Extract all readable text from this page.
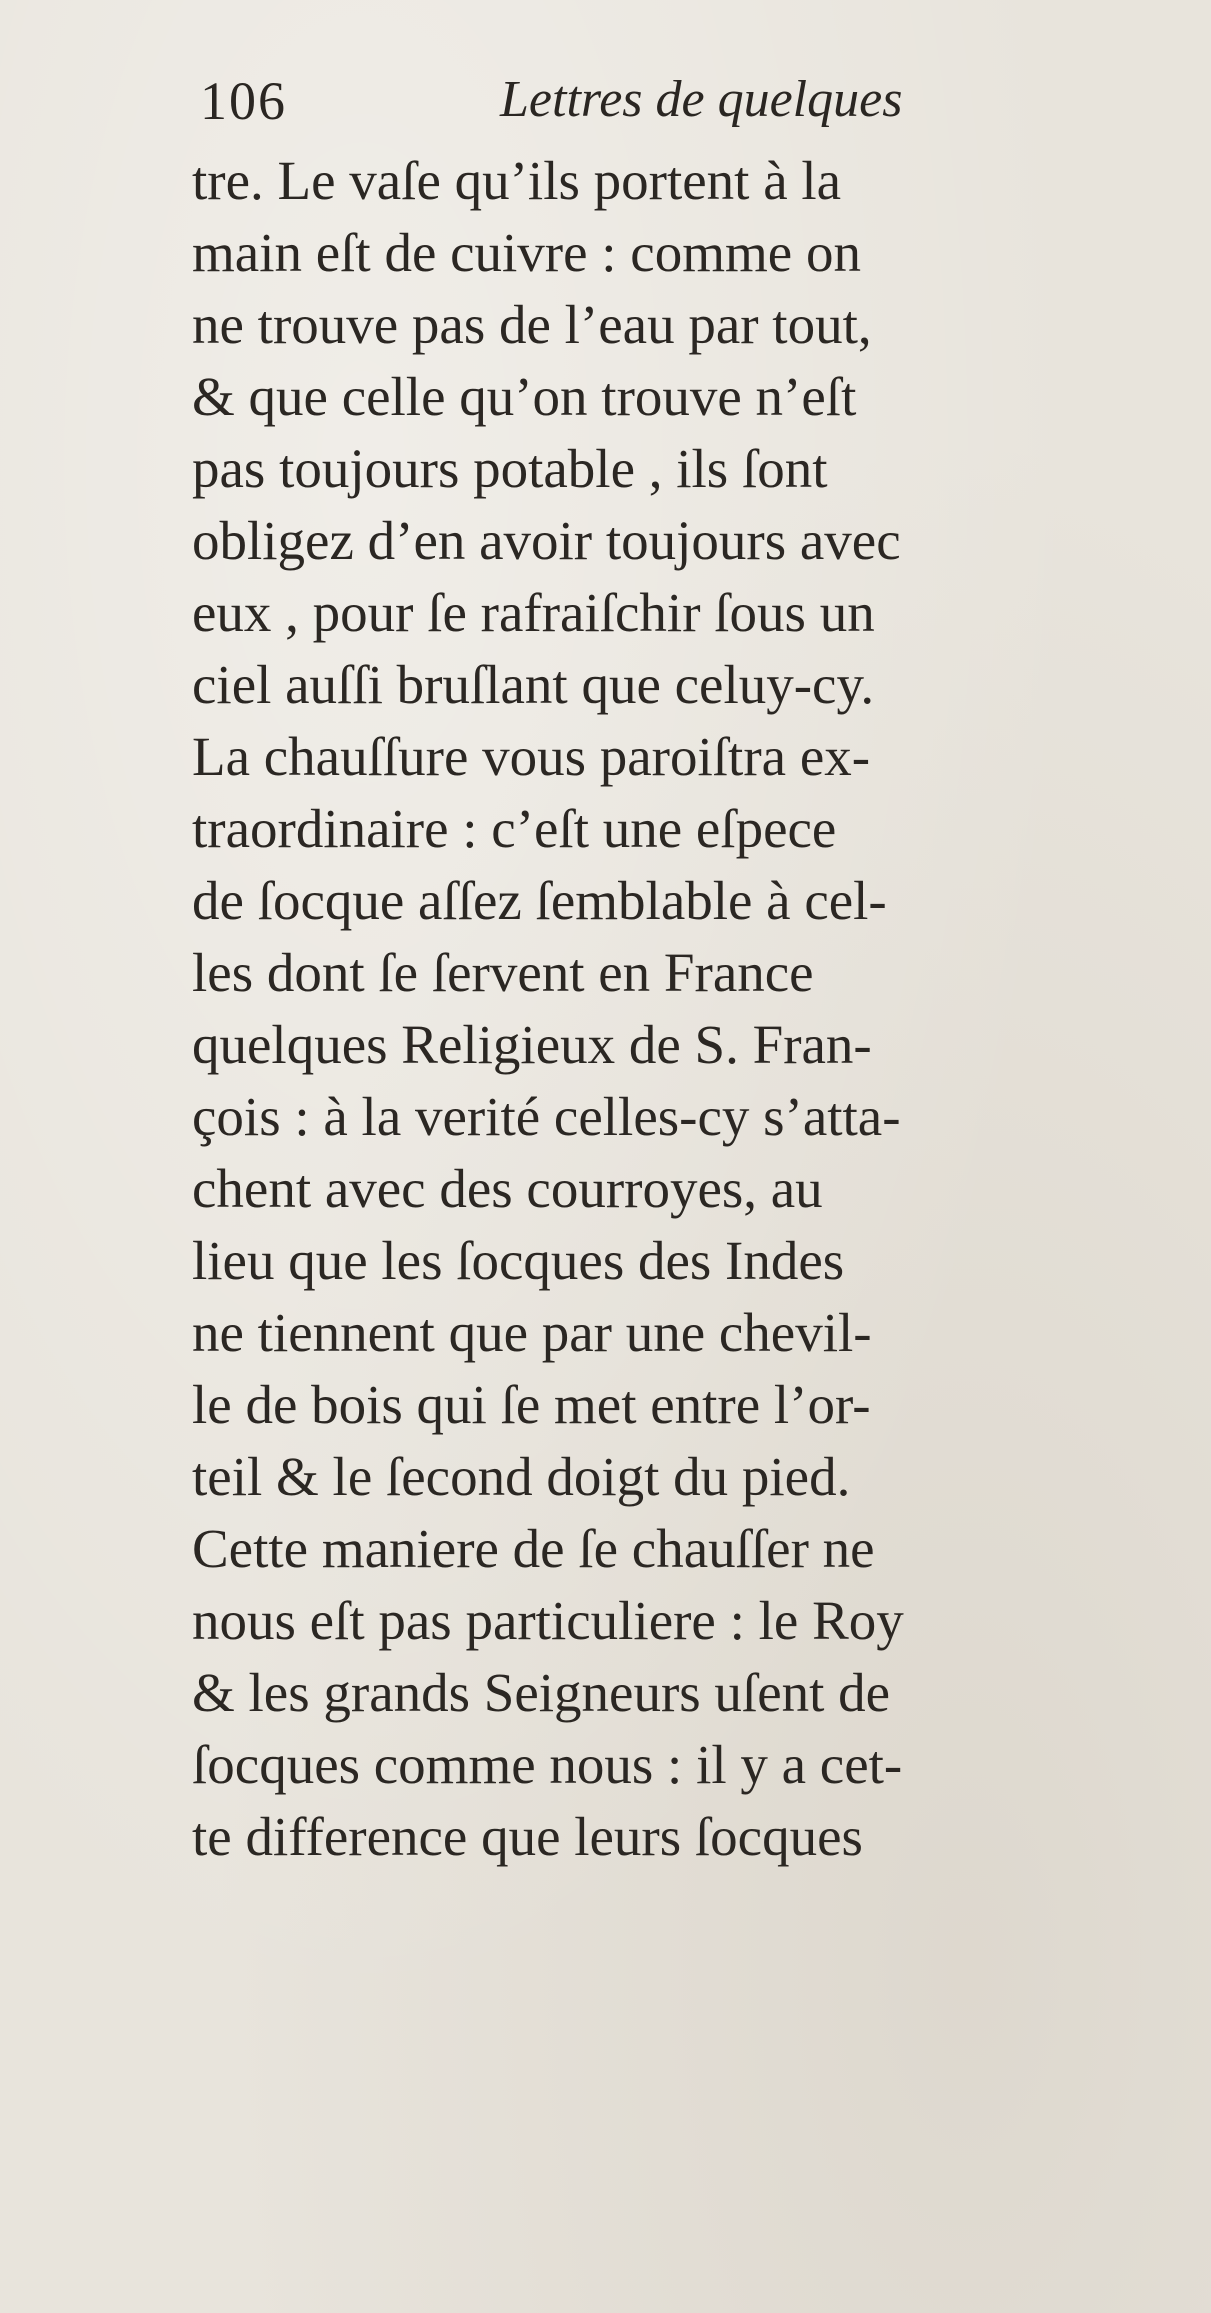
106	Lettres de quelques
tre. Le vaſe qu’ils portent à la
main eſt de cuivre : comme on
ne trouve pas de l’eau par tout,
& que celle qu’on trouve n’eſt
pas toujours potable , ils ſont
obligez d’en avoir toujours avec
eux , pour ſe rafraiſchir ſous un
ciel auſſi bruſlant que celuy-cy.
La chauſſure vous paroiſtra ex-
traordinaire : c’eſt une eſpece
de ſocque aſſez ſemblable à cel-
les dont ſe ſervent en France
quelques Religieux de S. Fran-
çois : à la verité celles-cy s’atta-
chent avec des courroyes, au
lieu que les ſocques des Indes
ne tiennent que par une chevil-
le de bois qui ſe met entre l’or-
teil & le ſecond doigt du pied.
Cette maniere de ſe chauſſer ne
nous eſt pas particuliere : le Roy
& les grands Seigneurs uſent de
ſocques comme nous : il y a cet-
te difference que leurs ſocques
